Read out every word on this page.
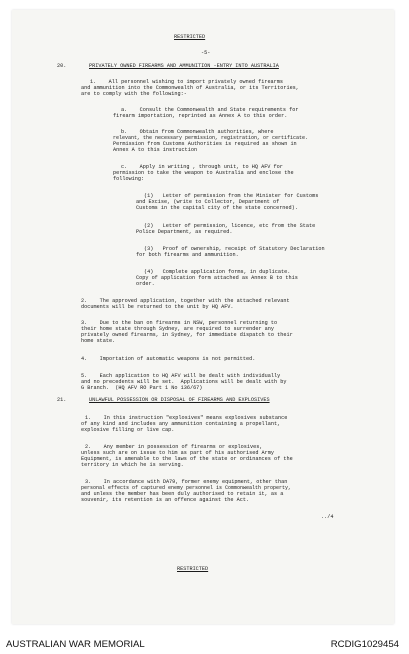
RESTRICTED
-5-
20.	PRIVATELY OWNED FIREARMS AND AMMUNITION -ENTRY INTO AUSTRALIA
1.    All personnel wishing to import privately owned firearms
and ammunition into the Commonwealth of Australia, or its Territories,
are to comply with the following:-
a.    Consult the Commonwealth and State requirements for
firearm importation, reprinted as Annex A to this order.
b.    Obtain from Commonwealth authorities, where
relevant, the necessary permission, registration, or certificate.
Permission from Customs Authorities is required as shown in
Annex A to this instruction
c.    Apply in writing , through unit, to HQ AFV for
permission to take the weapon to Australia and enclose the
following:
(1)   Letter of permission from the Minister for Customs
and Excise, (write to Collector, Department of
Customs in the capital city of the state concerned).
(2)   Letter of permission, licence, etc from the State
Police Department, as required.
(3)   Proof of ownership, receipt of Statutory Declaration
for both firearms and ammunition.
(4)   Complete application forms, in duplicate.
Copy of application form attached as Annex B to this
order.
2.    The approved application, together with the attached relevant
documents will be returned to the unit by HQ AFV.
3.    Due to the ban on firearms in NSW, personnel returning to
their home state through Sydney, are required to surrender any
privately owned firearms, in Sydney, for immediate dispatch to their
home state.
4.    Importation of automatic weapons is not permitted.
5.    Each application to HQ AFV will be dealt with individually
and no precedents will be set.  Applications will be dealt with by
G Branch.  (HQ AFV RO Part 1 No 136/67)
21.	UNLAWFUL POSSESSION OR DISPOSAL OF FIREARMS AND EXPLOSIVES
1.    In this instruction "explosives" means explosives substance
of any kind and includes any ammunition containing a propellant,
explosive filling or live cap.
2.    Any member in possession of firearms or explosives,
unless such are on issue to him as part of his authorised Army
Equipment, is amenable to the laws of the state or ordinances of the
territory in which he is serving.
3.    In accordance with DA79, former enemy equipment, other than
personal effects of captured enemy personnel is Commonwealth property,
and unless the member has been duly authorised to retain it, as a
souvenir, its retention is an offence against the Act.
../4
RESTRICTED
AUSTRALIAN WAR MEMORIAL	RCDIG1029454
